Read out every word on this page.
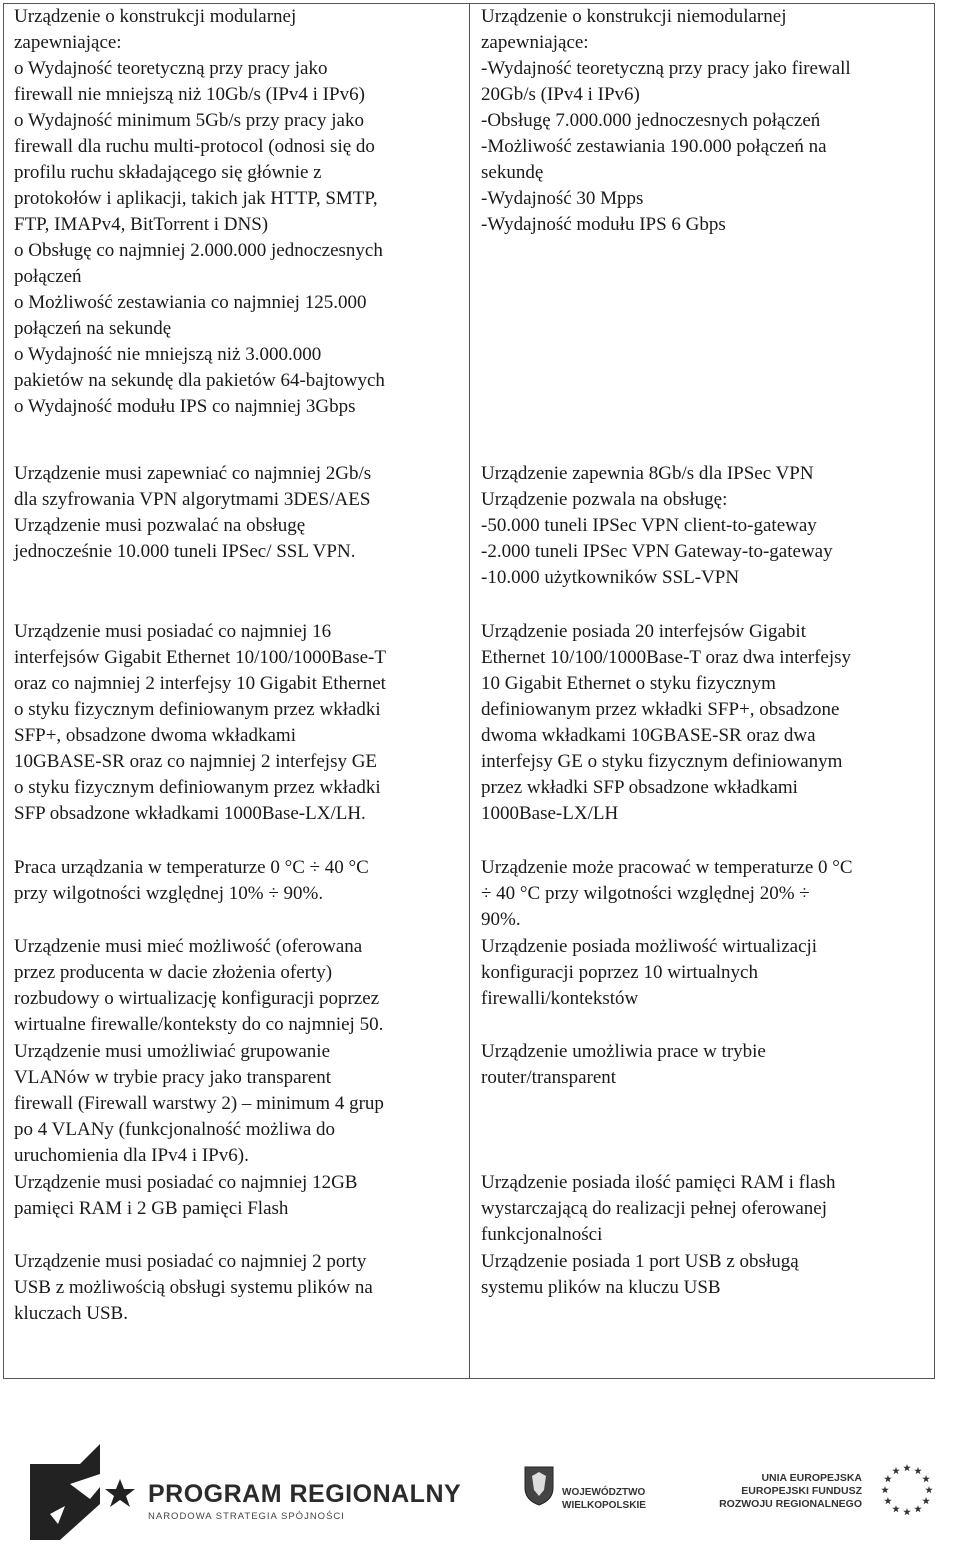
Urządzenie o konstrukcji modularnej
zapewniające:
o Wydajność teoretyczną przy pracy jako
firewall nie mniejszą niż 10Gb/s (IPv4 i IPv6)
o Wydajność minimum 5Gb/s przy pracy jako
firewall dla ruchu multi-protocol (odnosi się do
profilu ruchu składającego się głównie z
protokołów i aplikacji, takich jak HTTP, SMTP,
FTP, IMAPv4, BitTorrent i DNS)
o Obsługę co najmniej 2.000.000 jednoczesnych
połączeń
o Możliwość zestawiania co najmniej 125.000
połączeń na sekundę
o Wydajność nie mniejszą niż 3.000.000
pakietów na sekundę dla pakietów 64-bajtowych
o Wydajność modułu IPS co najmniej 3Gbps
Urządzenie musi zapewniać co najmniej 2Gb/s
dla szyfrowania VPN algorytmami 3DES/AES
Urządzenie musi pozwalać na obsługę
jednocześnie 10.000 tuneli IPSec/ SSL VPN.
Urządzenie musi posiadać co najmniej 16
interfejsów Gigabit Ethernet 10/100/1000Base-T
oraz co najmniej 2 interfejsy 10 Gigabit Ethernet
o styku fizycznym definiowanym przez wkładki
SFP+, obsadzone dwoma wkładkami
10GBASE-SR oraz co najmniej 2 interfejsy GE
o styku fizycznym definiowanym przez wkładki
SFP obsadzone wkładkami 1000Base-LX/LH.
Praca urządzania w temperaturze 0 °C ÷ 40 °C
przy wilgotności względnej 10% ÷ 90%.
Urządzenie musi mieć możliwość (oferowana
przez producenta w dacie złożenia oferty)
rozbudowy o wirtualizację konfiguracji poprzez
wirtualne firewalle/konteksty do co najmniej 50.
Urządzenie musi umożliwiać grupowanie
VLANów w trybie pracy jako transparent
firewall (Firewall warstwy 2) – minimum 4 grup
po 4 VLANy (funkcjonalność możliwa do
uruchomienia dla IPv4 i IPv6).
Urządzenie musi posiadać co najmniej 12GB
pamięci RAM i 2 GB pamięci Flash
Urządzenie musi posiadać co najmniej 2 porty
USB z możliwością obsługi systemu plików na
kluczach USB.
Urządzenie o konstrukcji niemodularnej
zapewniające:
-Wydajność teoretyczną przy pracy jako firewall
20Gb/s (IPv4 i IPv6)
-Obsługę 7.000.000 jednoczesnych połączeń
-Możliwość zestawiania 190.000 połączeń na
sekundę
-Wydajność 30 Mpps
-Wydajność modułu IPS 6 Gbps
Urządzenie zapewnia 8Gb/s dla IPSec VPN
Urządzenie pozwala na obsługę:
-50.000 tuneli IPSec VPN client-to-gateway
-2.000 tuneli IPSec VPN Gateway-to-gateway
-10.000 użytkowników SSL-VPN
Urządzenie posiada 20 interfejsów Gigabit
Ethernet 10/100/1000Base-T oraz dwa interfejsy
10 Gigabit Ethernet o styku fizycznym
definiowanym przez wkładki SFP+, obsadzone
dwoma wkładkami 10GBASE-SR oraz dwa
interfejsy GE o styku fizycznym definiowanym
przez wkładki SFP obsadzone wkładkami
1000Base-LX/LH
Urządzenie może pracować w temperaturze 0 °C
÷ 40 °C przy wilgotności względnej 20% ÷
90%.
Urządzenie posiada możliwość wirtualizacji
konfiguracji poprzez 10 wirtualnych
firewalli/kontekstów
Urządzenie umożliwia prace w trybie
router/transparent
Urządzenie posiada ilość pamięci RAM i flash
wystarczającą do realizacji pełnej oferowanej
funkcjonalności
Urządzenie posiada 1 port USB z obsługą
systemu plików na kluczu USB
PROGRAM REGIONALNY
NARODOWA STRATEGIA SPÓJNOŚCI
WOJEWÓDZTWO
WIELKOPOLSKIE
UNIA EUROPEJSKA
EUROPEJSKI FUNDUSZ
ROZWOJU REGIONALNEGO
